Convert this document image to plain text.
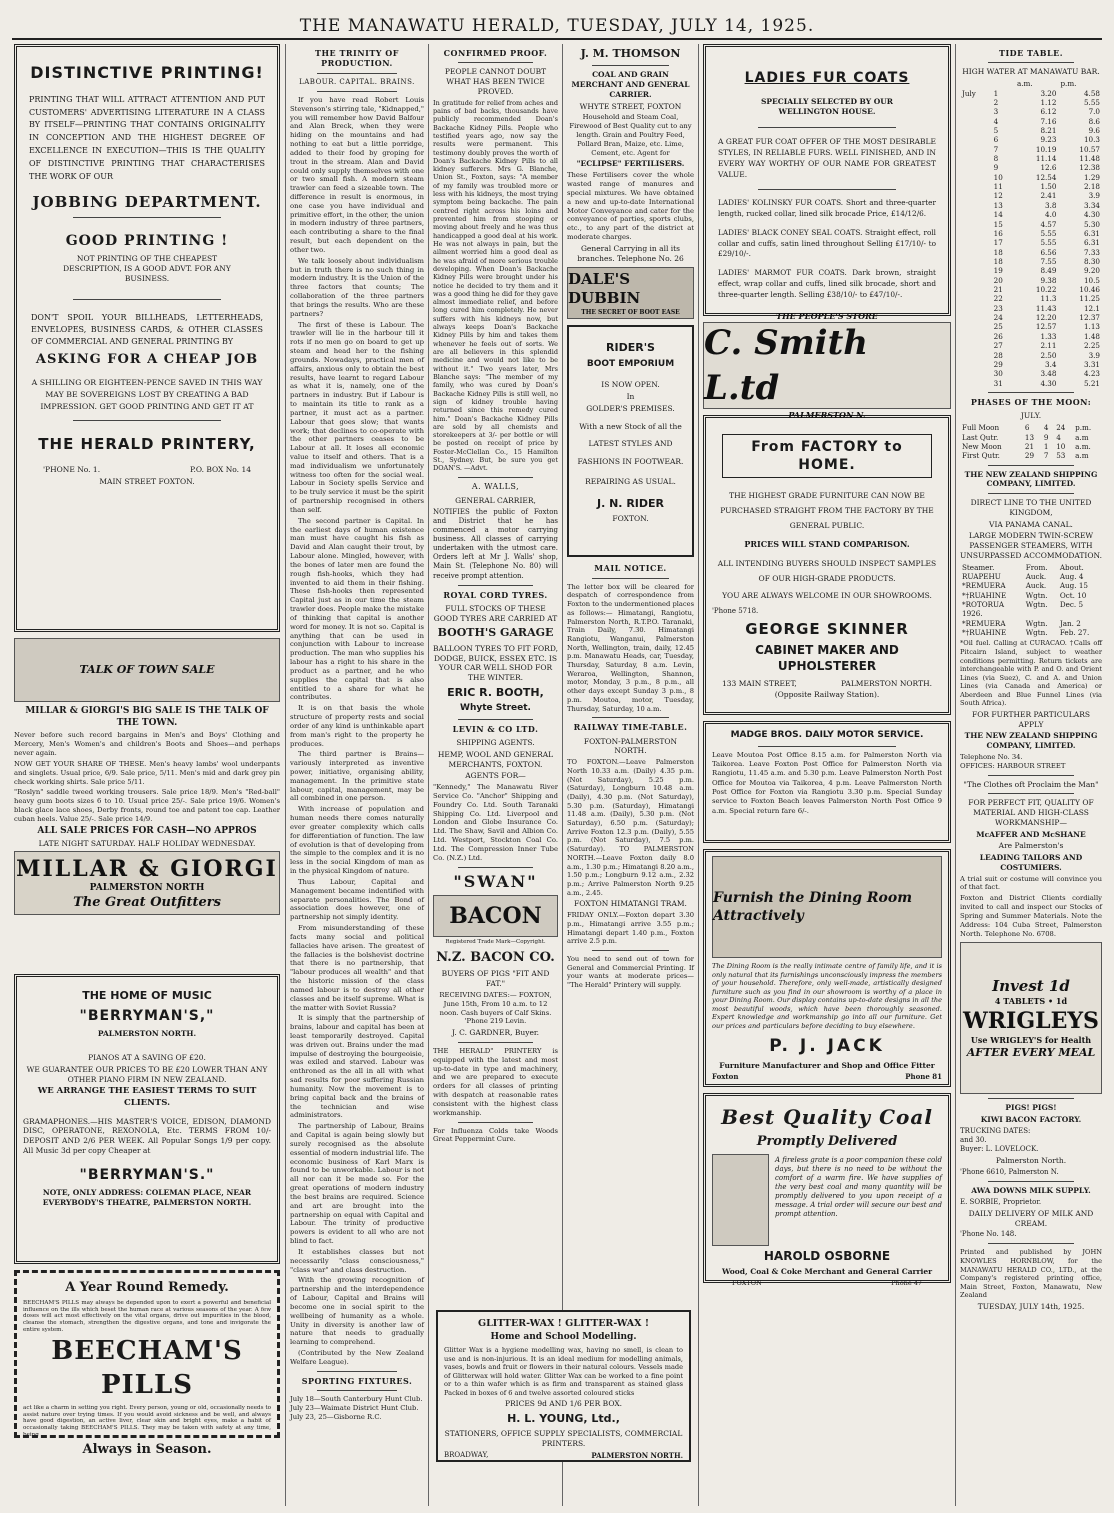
THE MANAWATU HERALD, TUESDAY, JULY 14, 1925.
DISTINCTIVE PRINTING!

PRINTING THAT WILL ATTRACT ATTENTION AND PUT CUSTOMERS' ADVERTISING LITERATURE IN A CLASS BY ITSELF—PRINTING THAT CONTAINS ORIGINALITY IN CONCEPTION AND THE HIGHEST DEGREE OF EXCELLENCE IN EXECUTION—THIS IS THE QUALITY OF DISTINCTIVE PRINTING THAT CHARACTERISES THE WORK OF OUR

JOBBING DEPARTMENT.
GOOD PRINTING !
NOT PRINTING OF THE CHEAPEST DESCRIPTION, IS A GOOD ADVT. FOR ANY BUSINESS.

DON'T SPOIL YOUR BILLHEADS, LETTERHEADS, ENVELOPES, BUSINESS CARDS, & OTHER CLASSES OF COMMERCIAL AND GENERAL PRINTING BY

ASKING FOR A CHEAP JOB

A SHILLING OR EIGHTEEN-PENCE SAVED IN THIS WAY MAY BE SOVEREIGNS LOST BY CREATING A BAD IMPRESSION. GET GOOD PRINTING AND GET IT AT

THE HERALD PRINTERY,
'PHONE No. 1.	P.O. BOX No. 14
MAIN STREET FOXTON.
TALK OF TOWN SALE
MILLAR & GIORGI'S BIG SALE IS THE TALK OF THE TOWN.

Never before such record bargains in Men's and Boys' Clothing and Mercery, Men's Women's and children's Boots and Shoes—and perhaps never again.

NOW GET YOUR SHARE OF THESE. Men's heavy lambs' wool underpants and singlets. Usual price, 6/9. Sale price, 5/11. Men's mid and dark grey pin check working shirts. Sale price 5/11.

"Roslyn" saddle tweed working trousers. Sale price 18/9. Men's "Red-ball" heavy gum boots sizes 6 to 10. Usual price 25/-. Sale price 19/6. Women's black glace lace shoes, Derby fronts, round toe and patent toe cap. Leather cuban heels. Value 25/-. Sale price 14/9.

ALL SALE PRICES FOR CASH—NO APPROS
LATE NIGHT SATURDAY. HALF HOLIDAY WEDNESDAY.
MILLAR & GIORGI
PALMERSTON NORTH
The Great Outfitters
THE HOME OF MUSIC
"BERRYMAN'S,"
PALMERSTON NORTH.
PIANOS AT A SAVING OF £20.
WE GUARANTEE OUR PRICES TO BE £20 LOWER THAN ANY OTHER PIANO FIRM IN NEW ZEALAND.
WE ARRANGE THE EASIEST TERMS TO SUIT CLIENTS.

GRAMAPHONES.—HIS MASTER'S VOICE, EDISON, DIAMOND DISC, OPERATONE, REXONOLA, Etc. TERMS FROM 10/- DEPOSIT AND 2/6 PER WEEK. All Popular Songs 1/9 per copy. All Music 3d per copy Cheaper at

"BERRYMAN'S."
NOTE, ONLY ADDRESS: COLEMAN PLACE, NEAR EVERYBODY'S THEATRE, PALMERSTON NORTH.
A Year Round Remedy.

BEECHAM'S PILLS may always be depended upon to exert a powerful and beneficial influence on the ills which beset the human race at various seasons of the year. A few doses will act most effectively on the vital organs, drive out impurities in the blood, cleanse the stomach, strengthen the digestive organs, and tone and invigorate the entire system.

BEECHAM'S PILLS

act like a charm in setting you right. Every person, young or old, occasionally needs to assist nature over trying times. If you would avoid sickness and be well, and always have good digestion, an active liver, clear skin and bright eyes, make a habit of occasionally taking BEECHAM'S PILLS. They may be taken with safety at any time, being

Always in Season.
THE TRINITY OF PRODUCTION.
LABOUR. CAPITAL. BRAINS.

If you have read Robert Louis Stevenson's stirring tale, "Kidnapped," you will remember how David Balfour and Alan Breck, when they were hiding on the mountains and had nothing to eat but a little porridge, added to their food by groping for trout in the stream. Alan and David could only supply themselves with one or two small fish. A modern steam trawler can feed a sizeable town. The difference in result is enormous, in one case you have individual and primitive effort, in the other, the union in modern industry of three partners, each contributing a share to the final result, but each dependent on the other two.

We talk loosely about individualism but in truth there is no such thing in modern industry. It is the Union of the three factors that counts; The collaboration of the three partners that brings the results. Who are these partners?

The first of these is Labour. The trawler will lie in the harbour till it rots if no men go on board to get up steam and head her to the fishing grounds. Nowadays, practical men of affairs, anxious only to obtain the best results, have learnt to regard Labour as what it is, namely, one of the partners in industry. But if Labour is to maintain its title to rank as a partner, it must act as a partner. Labour that goes slow; that wants work; that declines to co-operate with the other partners ceases to be Labour at all. It loses all economic value to itself and others. That is a mad individualism we unfortunately witness too often for the social weal. Labour in Society spells Service and to be truly service it must be the spirit of partnership recognised in others than self.

The second partner is Capital. In the earliest days of human existence man must have caught his fish as David and Alan caught their trout, by Labour alone. Mingled, however, with the bones of later men are found the rough fish-hooks, which they had invented to aid them in their fishing. These fish-hooks then represented Capital just as in our time the steam trawler does. People make the mistake of thinking that capital is another word for money. It is not so. Capital is anything that can be used in conjunction with Labour to increase production. The man who supplies his labour has a right to his share in the product as a partner, and he who supplies the capital that is also entitled to a share for what he contributes.

It is on that basis the whole structure of property rests and social order of any kind is unthinkable apart from man's right to the property he produces.

The third partner is Brains—variously interpreted as inventive power, initiative, organising ability, management. In the primitive state labour, capital, management, may be all combined in one person.

With increase of population and human needs there comes naturally ever greater complexity which calls for differentiation of function. The law of evolution is that of developing from the simple to the complex and it is no less in the social Kingdom of man as in the physical Kingdom of nature.

Thus Labour, Capital and Management became indentified with separate personalities. The Bond of association does however, one of partnership not simply identity.

From misunderstanding of these facts many social and political fallacies have arisen. The greatest of the fallacies is the bolshevist doctrine that there is no partnership, that "labour produces all wealth" and that the historic mission of the class named labour is to destroy all other classes and be itself supreme. What is the matter with Soviet Russia?

It is simply that the partnership of brains, labour and capital has been at least temporarily destroyed. Capital was driven out. Brains under the mad impulse of destroying the bourgeoisie, was exiled and starved. Labour was enthroned as the all in all with what sad results for poor suffering Russian humanity. Now the movement is to bring capital back and the brains of the technician and wise administrators.

The partnership of Labour, Brains and Capital is again being slowly but surely recognised as the absolute essential of modern industrial life. The economic business of Karl Marx is found to be unworkable. Labour is not all nor can it be made so. For the great operations of modern industry the best brains are required. Science and art are brought into the partnership on equal with Capital and Labour. The trinity of productive powers is evident to all who are not blind to fact.

It establishes classes but not necessarily "class consciousness," "class war" and class destruction.

With the growing recognition of partnership and the interdependence of Labour, Capital and Brains will become one in social spirit to the wellbeing of humanity as a whole. Unity in diversity is another law of nature that needs to gradually learning to comprehend.

(Contributed by the New Zealand Welfare League).

SPORTING FIXTURES.
July 18—South Canterbury Hunt Club.
July 23—Waimate District Hunt Club.
July 23, 25—Gisborne R.C.
CONFIRMED PROOF.
PEOPLE CANNOT DOUBT WHAT HAS BEEN TWICE PROVED.

In gratitude for relief from aches and pains of bad backs, thousands have publicly recommended Doan's Backache Kidney Pills. People who testified years ago, now say the results were permanent. This testimony doubly proves the worth of Doan's Backache Kidney Pills to all kidney sufferers. Mrs G. Blanche, Union St., Foxton, says: "A member of my family was troubled more or less with his kidneys, the most trying symptom being backache. The pain centred right across his loins and prevented him from stooping or moving about freely and he was thus handicapped a good deal at his work. He was not always in pain, but the ailment worried him a good deal as he was afraid of more serious trouble developing. When Doan's Backache Kidney Pills were brought under his notice he decided to try them and it was a good thing he did for they gave almost immediate relief, and before long cured him completely. He never suffers with his kidneys now, but always keeps Doan's Backache Kidney Pills by him and takes them whenever he feels out of sorts. We are all believers in this splendid medicine and would not like to be without it." Two years later, Mrs Blanche says: "The member of my family, who was cured by Doan's Backache Kidney Pills is still well, no sign of kidney trouble having returned since this remedy cured him." Doan's Backache Kidney Pills are sold by all chemists and storekeepers at 3/- per bottle or will be posted on receipt of price by Foster-McClellan Co., 15 Hamilton St., Sydney. But, be sure you get DOAN'S. —Advt.

A. WALLS,
GENERAL CARRIER,

NOTIFIES the public of Foxton and District that he has commenced a motor carrying business. All classes of carrying undertaken with the utmost care. Orders left at Mr J. Walls' shop, Main St. (Telephone No. 80) will receive prompt attention.

ROYAL CORD TYRES.
FULL STOCKS OF THESE GOOD TYRES ARE CARRIED AT
BOOTH'S GARAGE
BALLOON TYRES TO FIT FORD, DODGE, BUICK, ESSEX ETC. IS YOUR CAR WELL SHOD FOR THE WINTER.
ERIC R. BOOTH,
Whyte Street.
LEVIN & CO LTD.
SHIPPING AGENTS.
HEMP, WOOL AND GENERAL MERCHANTS, FOXTON.
AGENTS FOR—

"Kennedy," The Manawatu River Service Co. "Anchor" Shipping and Foundry Co. Ltd. South Taranaki Shipping Co. Ltd. Liverpool and London and Globe Insurance Co. Ltd. The Shaw, Savil and Albion Co. Ltd. Westport, Stockton Coal Co. Ltd. The Compression Inner Tube Co. (N.Z.) Ltd.

"SWAN"
BACON
Registered Trade Mark—Copyright.
N.Z. BACON CO.
BUYERS OF PIGS "FIT AND FAT."

RECEIVING DATES:— FOXTON, June 15th, From 10 a.m. to 12 noon. Cash buyers of Calf Skins. 'Phone 219 Levin.

J. C. GARDNER, Buyer.

THE HERALD" PRINTERY is equipped with the latest and most up-to-date in type and machinery, and we are prepared to execute orders for all classes of printing with despatch at reasonable rates consistent with the highest class workmanship.

For Influenza Colds take Woods Great Peppermint Cure.

J. M. THOMSON
COAL AND GRAIN MERCHANT AND GENERAL CARRIER.
WHYTE STREET, FOXTON

Household and Steam Coal, Firewood of Best Quality cut to any length. Grain and Poultry Feed, Pollard Bran, Maize, etc. Lime, Cement, etc. Agent for

"ECLIPSE" FERTILISERS.

These Fertilisers cover the whole wasted range of manures and special mixtures. We have obtained a new and up-to-date International Motor Conveyance and cater for the conveyance of parties, sports clubs, etc., to any part of the district at moderate charges.

General Carrying in all its branches. Telephone No. 26
DALE'S DUBBIN
THE SECRET OF BOOT EASE
RIDER'S
BOOT EMPORIUM
IS NOW OPEN.
In
GOLDER'S PREMISES.
With a new Stock of all the
LATEST STYLES AND
FASHIONS IN FOOTWEAR.
REPAIRING AS USUAL.
J. N. RIDER
FOXTON.
MAIL NOTICE.

The letter box will be cleared for despatch of correspondence from Foxton to the undermentioned places as follows:— Himatangi, Rangiotu, Palmerston North, R.T.P.O. Taranaki, Train Daily, 7.30. Himatangi Rangiotu, Wanganui, Palmerston North, Wellington, train, daily, 12.45 p.m. Manawatu Heads, car, Tuesday, Thursday, Saturday, 8 a.m. Levin, Weraroa, Wellington, Shannon, motor, Monday, 3 p.m., 8 p.m., all other days except Sunday 3 p.m., 8 p.m. Moutoa, motor, Tuesday, Thursday, Saturday, 10 a.m.

RAILWAY TIME-TABLE.
FOXTON-PALMERSTON NORTH.

TO FOXTON.—Leave Palmerston North 10.33 a.m. (Daily) 4.35 p.m. (Not Saturday), 5.25 p.m. (Saturday), Longburn 10.48 a.m. (Daily), 4.30 p.m. (Not Saturday), 5.30 p.m. (Saturday), Himatangi 11.48 a.m. (Daily), 5.30 p.m. (Not Saturday), 6.50 p.m. (Saturday); Arrive Foxton 12.3 p.m. (Daily), 5.55 p.m. (Not Saturday), 7.5 p.m. (Saturday). TO PALMERSTON NORTH.—Leave Foxton daily 8.0 a.m., 1.30 p.m.; Himatangi 8.20 a.m., 1.50 p.m.; Longburn 9.12 a.m., 2.32 p.m.; Arrive Palmerston North 9.25 a.m., 2.45.

FOXTON HIMATANGI TRAM.

FRIDAY ONLY.—Foxton depart 3.30 p.m., Himatangi arrive 3.55 p.m.; Himatangi depart 1.40 p.m., Foxton arrive 2.5 p.m.

You need to send out of town for General and Commercial Printing. If your wants at moderate prices— "The Herald" Printery will supply.

GLITTER-WAX ! GLITTER-WAX !
Home and School Modelling.

Glitter Wax is a hygiene modelling wax, having no smell, is clean to use and is non-injurious. It is an ideal medium for modelling animals, vases, bowls and fruit or flowers in their natural colours. Vessels made of Glitterwax will hold water. Glitter Wax can be worked to a fine point or to a thin wafer which is as firm and transparent as stained glass Packed in boxes of 6 and twelve assorted coloured sticks

PRICES 9d AND 1/6 PER BOX.
H. L. YOUNG, Ltd.,
STATIONERS, OFFICE SUPPLY SPECIALISTS, COMMERCIAL PRINTERS.
BROADWAY,	PALMERSTON NORTH.
LADIES FUR COATS
SPECIALLY SELECTED BY OUR WELLINGTON HOUSE.

A GREAT FUR COAT OFFER OF THE MOST DESIRABLE STYLES, IN RELIABLE FURS. WELL FINISHED, AND IN EVERY WAY WORTHY OF OUR NAME FOR GREATEST VALUE.

LADIES' KOLINSKY FUR COATS. Short and three-quarter length, rucked collar, lined silk brocade Price, £14/12/6.

LADIES' BLACK CONEY SEAL COATS. Straight effect, roll collar and cuffs, satin lined throughout Selling £17/10/- to £29/10/-.

LADIES' MARMOT FUR COATS. Dark brown, straight effect, wrap collar and cuffs, lined silk brocade, short and three-quarter length. Selling £38/10/- to £47/10/-.

THE PEOPLE'S STORE
C. Smith L.td
PALMERSTON N.
From FACTORY to HOME.

THE HIGHEST GRADE FURNITURE CAN NOW BE PURCHASED STRAIGHT FROM THE FACTORY BY THE GENERAL PUBLIC.

PRICES WILL STAND COMPARISON.

ALL INTENDING BUYERS SHOULD INSPECT SAMPLES OF OUR HIGH-GRADE PRODUCTS.

YOU ARE ALWAYS WELCOME IN OUR SHOWROOMS.

'Phone 5718.
GEORGE SKINNER
CABINET MAKER AND UPHOLSTERER
133 MAIN STREET,	PALMERSTON NORTH.
(Opposite Railway Station).
MADGE BROS. DAILY MOTOR SERVICE.

Leave Moutoa Post Office 8.15 a.m. for Palmerston North via Taikorea. Leave Foxton Post Office for Palmerston North via Rangiotu, 11.45 a.m. and 5.30 p.m. Leave Palmerston North Post Office for Moutoa via Taikorea, 4 p.m. Leave Palmerston North Post Office for Foxton via Rangiotu 3.30 p.m. Special Sunday service to Foxton Beach leaves Palmerston North Post Office 9 a.m. Special return fare 6/-.

Furnish the Dining Room Attractively

The Dining Room is the really intimate centre of family life, and it is only natural that its furnishings unconsciously impress the members of your household. Therefore, only well-made, artistically designed furniture such as you find in our showroom is worthy of a place in your Dining Room. Our display contains up-to-date designs in all the most beautiful woods, which have been thoroughly seasoned. Expert knowledge and workmanship go into all our furniture. Get our prices and particulars before deciding to buy elsewhere.

P. J. JACK
Furniture Manufacturer and Shop and Office Fitter
Foxton	Phone 81
Best Quality Coal
Promptly Delivered

A fireless grate is a poor companion these cold days, but there is no need to be without the comfort of a warm fire. We have supplies of the very best coal and many quantity will be promptly delivered to you upon receipt of a message. A trial order will secure our best and prompt attention.

HAROLD OSBORNE
Wood, Coal & Coke Merchant and General Carrier
FOXTON	Phone 47
TIDE TABLE.
HIGH WATER AT MANAWATU BAR.
		a.m.	p.m.
July	1	3.20	4.58
	2	1.12	5.55
	3	6.12	7.0
	4	7.16	8.6
	5	8.21	9.6
	6	9.23	10.3
	7	10.19	10.57
	8	11.14	11.48
	9	12.6	12.38
	10	12.54	1.29
	11	1.50	2.18
	12	2.41	3.9
	13	3.8	3.34
	14	4.0	4.30
	15	4.57	5.30
	16	5.55	6.31
	17	5.55	6.31
	18	6.56	7.33
	18	7.55	8.30
	19	8.49	9.20
	20	9.38	10.5
	21	10.22	10.46
	22	11.3	11.25
	23	11.43	12.1
	24	12.20	12.37
	25	12.57	1.13
	26	1.33	1.48
	27	2.11	2.25
	28	2.50	3.9
	29	3.4	3.31
	30	3.48	4.23
	31	4.30	5.21
PHASES OF THE MOON:
JULY.
Full Moon	6	4	24	p.m.
Last Qutr.	13	9	4	a.m
New Moon	21	1	10	a.m.
First Qutr.	29	7	53	a.m
THE NEW ZEALAND SHIPPING COMPANY, LIMITED.
DIRECT LINE TO THE UNITED KINGDOM,
VIA PANAMA CANAL.
LARGE MODERN TWIN-SCREW PASSENGER STEAMERS, WITH UNSURPASSED ACCOMMODATION.
Steamer.	From.	About.
RUAPEHU	Auck.	Aug. 4
*REMUERA	Auck.	Aug. 15
*†RUAHINE	Wgtn.	Oct. 10
*ROTORUA	Wgtn.	Dec. 5
1926.		
*REMUERA	Wgtn.	Jan. 2
*†RUAHINE	Wgtn.	Feb. 27.

*Oil fuel. Calling at CURACAO. †Calls off Pitcairn Island, subject to weather conditions permitting. Return tickets are interchangeable with P. and O. and Orient Lines (via Suez), C. and A. and Union Lines (via Canada and America) or Aberdeen and Blue Funnel Lines (via South Africa).

FOR FURTHER PARTICULARS APPLY
THE NEW ZEALAND SHIPPING COMPANY, LIMITED.
Telephone No. 34.
OFFICES: HARBOUR STREET
"The Clothes oft Proclaim the Man"
FOR PERFECT FIT, QUALITY OF MATERIAL AND HIGH-CLASS WORKMANSHIP—
McAFFER AND McSHANE
Are Palmerston's
LEADING TAILORS AND COSTUMIERS.

A trial suit or costume will convince you of that fact.

Foxton and District Clients cordially invited to call and inspect our Stocks of Spring and Summer Materials. Note the Address: 104 Cuba Street, Palmerston North. Telephone No. 6708.

Invest 1d
4 TABLETS • 1d
WRIGLEYS
Use WRIGLEY'S for Health
AFTER EVERY MEAL
PIGS! PIGS!
KIWI BACON FACTORY.
TRUCKING DATES:
and 30.
Buyer: L. LOVELOCK.
Palmerston North.
'Phone 6610, Palmerston N.
AWA DOWNS MILK SUPPLY.
E. SORBIE, Proprietor.
DAILY DELIVERY OF MILK AND CREAM.
'Phone No. 148.

Printed and published by JOHN KNOWLES HORNBLOW, for the MANAWATU HERALD CO., LTD., at the Company's registered printing office, Main Street, Foxton, Manawatu, New Zealand

TUESDAY, JULY 14th, 1925.
